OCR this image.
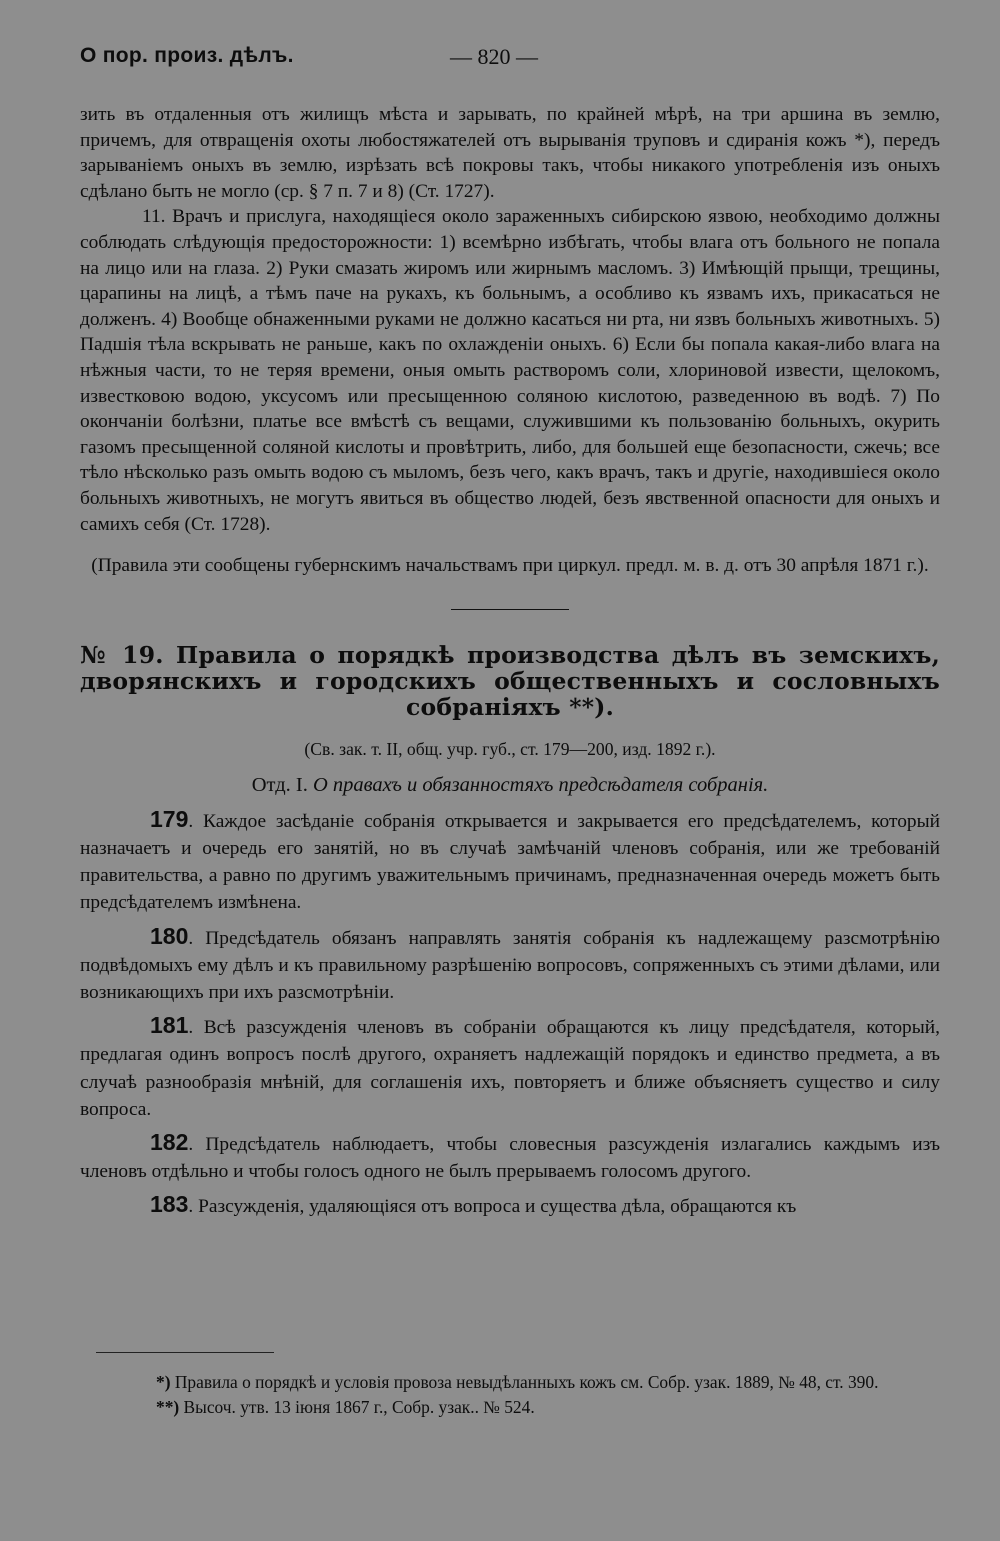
О пор. произ. дѣлъ.	— 820 —

зить въ отдаленныя отъ жилищъ мѣста и зарывать, по крайней мѣрѣ, на три аршина въ землю, причемъ, для отвращенія охоты любостяжателей отъ вырыванія труповъ и сдиранія кожъ *), передъ зарываніемъ оныхъ въ землю, изрѣзать всѣ покровы такъ, чтобы никакого употребленія изъ оныхъ сдѣлано быть не могло (ср. § 7 п. 7 и 8) (Ст. 1727).

11. Врачъ и прислуга, находящіеся около зараженныхъ сибирскою язвою, необходимо должны соблюдать слѣдующія предосторожности: 1) всемѣрно избѣгать, чтобы влага отъ больного не попала на лицо или на глаза. 2) Руки смазать жиромъ или жирнымъ масломъ. 3) Имѣющій прыщи, трещины, царапины на лицѣ, а тѣмъ паче на рукахъ, къ больнымъ, а особливо къ язвамъ ихъ, прикасаться не долженъ. 4) Вообще обнаженными руками не должно касаться ни рта, ни язвъ больныхъ животныхъ. 5) Падшія тѣла вскрывать не раньше, какъ по охлажденіи оныхъ. 6) Если бы попала какая-либо влага на нѣжныя части, то не теряя времени, оныя омыть растворомъ соли, хлориновой извести, щелокомъ, известковою водою, уксусомъ или пресыщенною соляною кислотою, разведенною въ водѣ. 7) По окончаніи болѣзни, платье все вмѣстѣ съ вещами, служившими къ пользованію больныхъ, окурить газомъ пресыщенной соляной кислоты и провѣтрить, либо, для большей еще безопасности, сжечь; все тѣло нѣсколько разъ омыть водою съ мыломъ, безъ чего, какъ врачъ, такъ и другіе, находившіеся около больныхъ животныхъ, не могутъ явиться въ общество людей, безъ явственной опасности для оныхъ и самихъ себя (Ст. 1728).

(Правила эти сообщены губернскимъ начальствамъ при циркул. предл. м. в. д. отъ 30 апрѣля 1871 г.).

№ 19. Правила о порядкѣ производства дѣлъ въ земскихъ, дворянскихъ и городскихъ общественныхъ и сословныхъ собраніяхъ **).

(Св. зак. т. II, общ. учр. губ., ст. 179—200, изд. 1892 г.).

Отд. I. О правахъ и обязанностяхъ предсѣдателя собранія.

179. Каждое засѣданіе собранія открывается и закрывается его предсѣдателемъ, который назначаетъ и очередь его занятій, но въ случаѣ замѣчаній членовъ собранія, или же требованій правительства, а равно по другимъ уважительнымъ причинамъ, предназначенная очередь можетъ быть предсѣдателемъ измѣнена.

180. Предсѣдатель обязанъ направлять занятія собранія къ надлежащему разсмотрѣнію подвѣдомыхъ ему дѣлъ и къ правильному разрѣшенію вопросовъ, сопряженныхъ съ этими дѣлами, или возникающихъ при ихъ разсмотрѣніи.

181. Всѣ разсужденія членовъ въ собраніи обращаются къ лицу предсѣдателя, который, предлагая одинъ вопросъ послѣ другого, охраняетъ надлежащій порядокъ и единство предмета, а въ случаѣ разнообразія мнѣній, для соглашенія ихъ, повторяетъ и ближе объясняетъ существо и силу вопроса.

182. Предсѣдатель наблюдаетъ, чтобы словесныя разсужденія излагались каждымъ изъ членовъ отдѣльно и чтобы голосъ одного не былъ прерываемъ голосомъ другого.

183. Разсужденія, удаляющіяся отъ вопроса и существа дѣла, обращаются къ

*) Правила о порядкѣ и условія провоза невыдѣланныхъ кожъ см. Собр. узак. 1889, № 48, ст. 390.

**) Высоч. утв. 13 іюня 1867 г., Собр. узак.. № 524.
